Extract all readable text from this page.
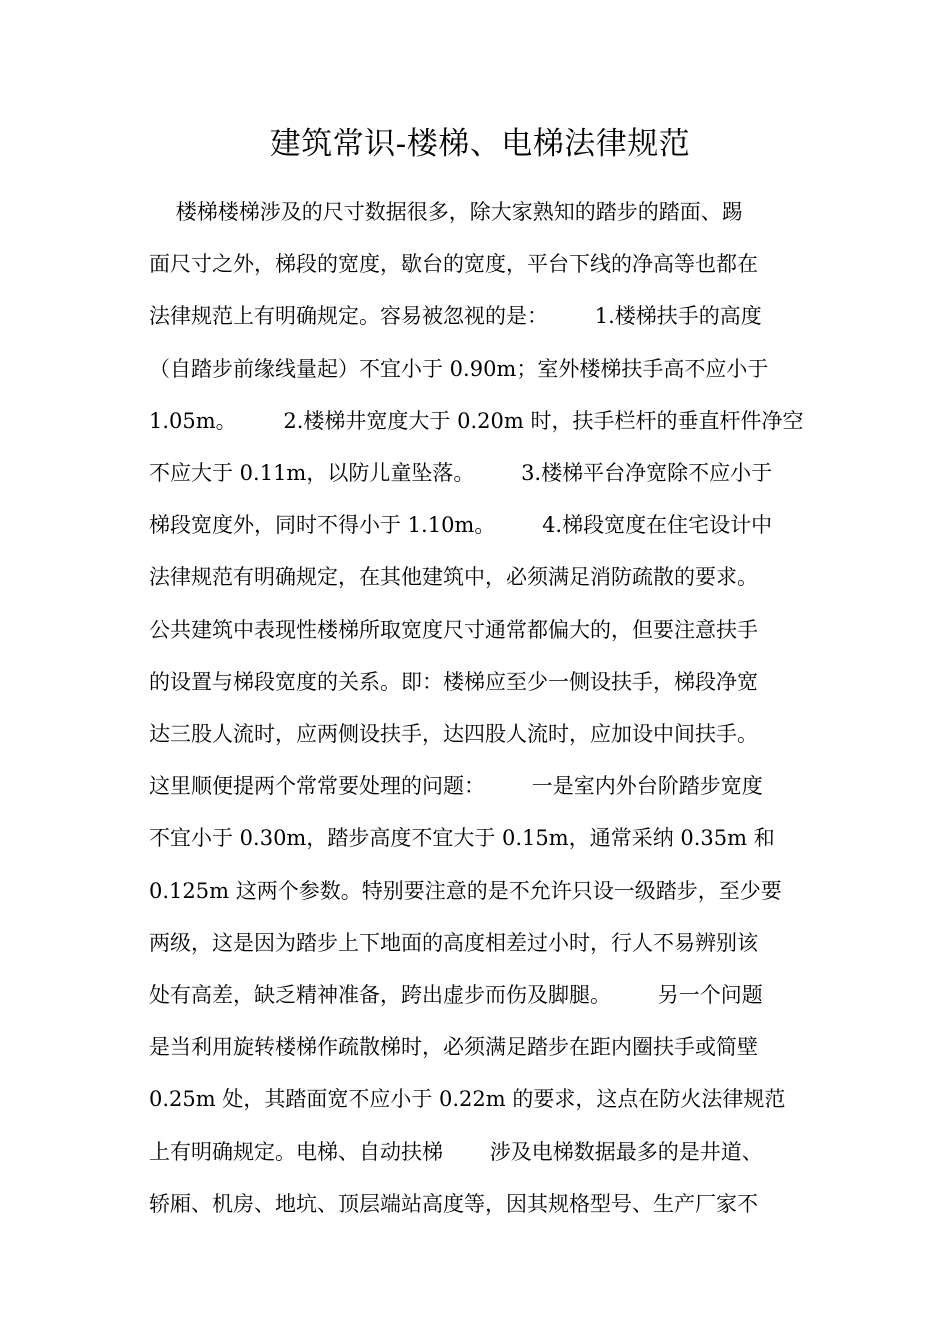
建筑常识-楼梯、电梯法律规范
楼梯楼梯涉及的尺寸数据很多，除大家熟知的踏步的踏面、踢
面尺寸之外，梯段的宽度，歇台的宽度，平台下线的净高等也都在
法律规范上有明确规定。容易被忽视的是：       1.楼梯扶手的高度
（自踏步前缘线量起）不宜小于 0.90m；室外楼梯扶手高不应小于
1.05m。       2.楼梯井宽度大于 0.20m 时，扶手栏杆的垂直杆件净空
不应大于 0.11m，以防儿童坠落。       3.楼梯平台净宽除不应小于
梯段宽度外，同时不得小于 1.10m。       4.梯段宽度在住宅设计中
法律规范有明确规定，在其他建筑中，必须满足消防疏散的要求。
公共建筑中表现性楼梯所取宽度尺寸通常都偏大的，但要注意扶手
的设置与梯段宽度的关系。即：楼梯应至少一侧设扶手，梯段净宽
达三股人流时，应两侧设扶手，达四股人流时，应加设中间扶手。
这里顺便提两个常常要处理的问题：       一是室内外台阶踏步宽度
不宜小于 0.30m，踏步高度不宜大于 0.15m，通常采纳 0.35m 和
0.125m 这两个参数。特别要注意的是不允许只设一级踏步，至少要
两级，这是因为踏步上下地面的高度相差过小时，行人不易辨别该
处有高差，缺乏精神准备，跨出虚步而伤及脚腿。       另一个问题
是当利用旋转楼梯作疏散梯时，必须满足踏步在距内圈扶手或简壁
0.25m 处，其踏面宽不应小于 0.22m 的要求，这点在防火法律规范
上有明确规定。电梯、自动扶梯       涉及电梯数据最多的是井道、
轿厢、机房、地坑、顶层端站高度等，因其规格型号、生产厂家不
